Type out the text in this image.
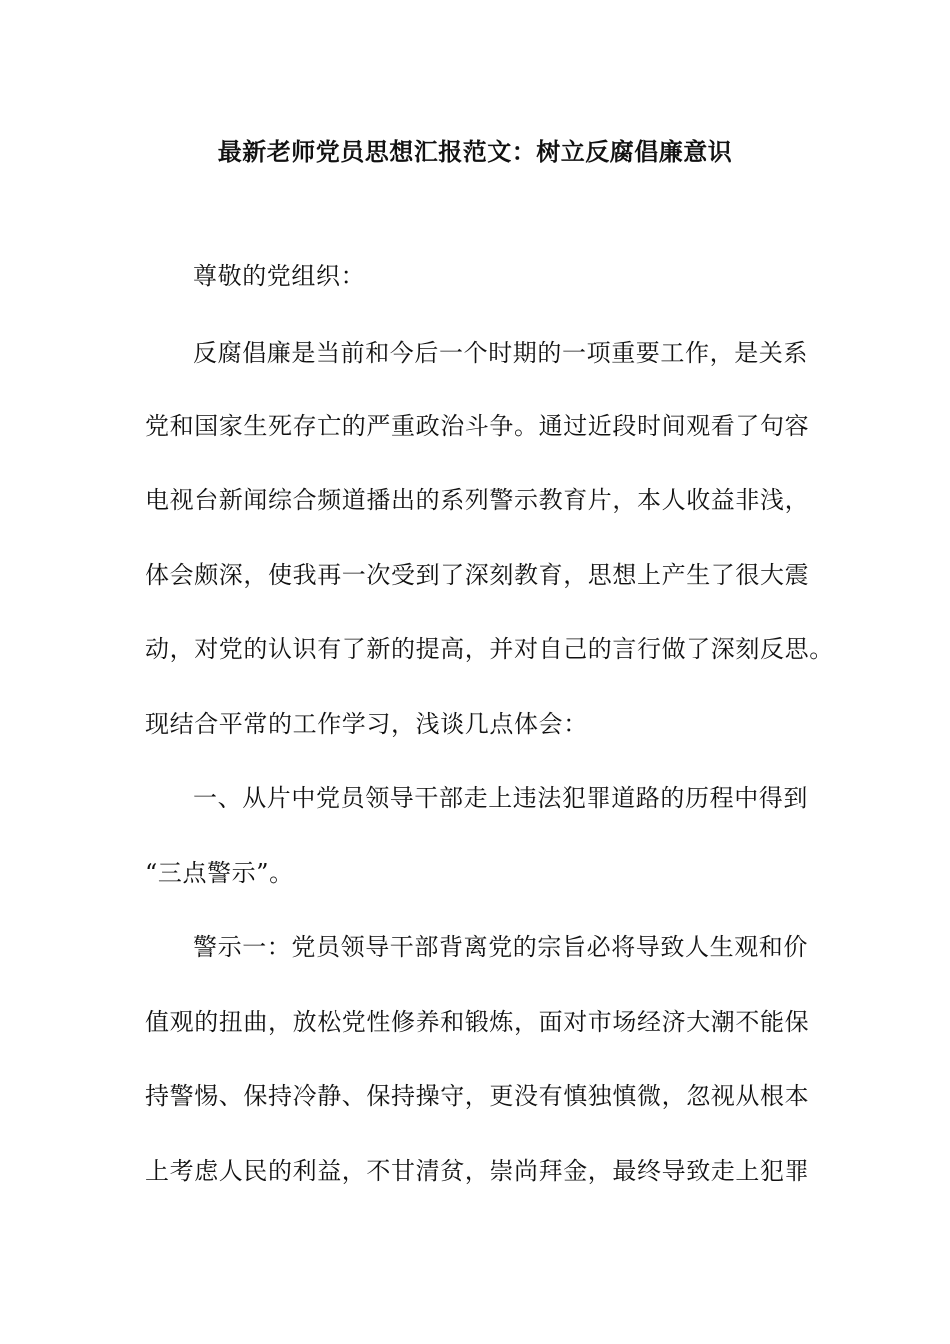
最新老师党员思想汇报范文：树立反腐倡廉意识

尊敬的党组织：

反腐倡廉是当前和今后一个时期的一项重要工作，是关系

党和国家生死存亡的严重政治斗争。通过近段时间观看了句容

电视台新闻综合频道播出的系列警示教育片，本人收益非浅，

体会颇深，使我再一次受到了深刻教育，思想上产生了很大震

动，对党的认识有了新的提高，并对自己的言行做了深刻反思。

现结合平常的工作学习，浅谈几点体会：

一、从片中党员领导干部走上违法犯罪道路的历程中得到

“三点警示”。

警示一：党员领导干部背离党的宗旨必将导致人生观和价

值观的扭曲，放松党性修养和锻炼，面对市场经济大潮不能保

持警惕、保持冷静、保持操守，更没有慎独慎微，忽视从根本

上考虑人民的利益，不甘清贫，崇尚拜金，最终导致走上犯罪
